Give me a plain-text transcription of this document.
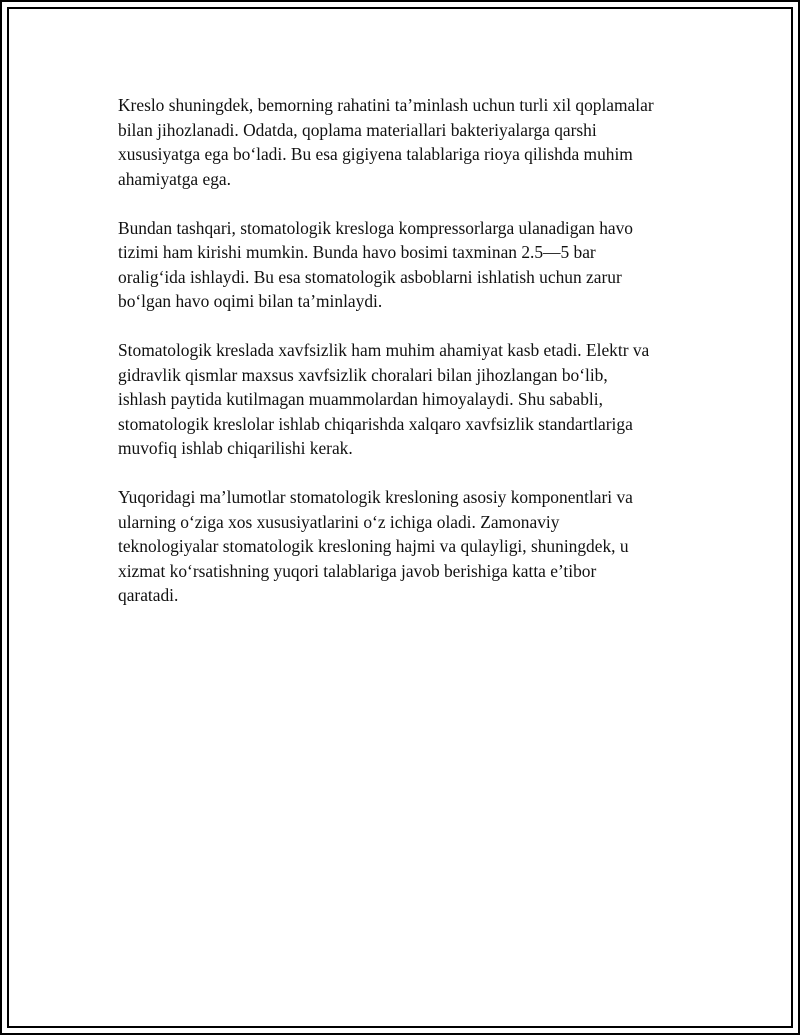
Kreslo shuningdek, bemorning rahatini ta’minlash uchun turli xil qoplamalar
bilan jihozlanadi. Odatda, qoplama materiallari bakteriyalarga qarshi
xususiyatga ega bo‘ladi. Bu esa gigiyena talablariga rioya qilishda muhim
ahamiyatga ega.

Bundan tashqari, stomatologik kresloga kompressorlarga ulanadigan havo
tizimi ham kirishi mumkin. Bunda havo bosimi taxminan 2.5—5 bar
oralig‘ida ishlaydi. Bu esa stomatologik asboblarni ishlatish uchun zarur
bo‘lgan havo oqimi bilan ta’minlaydi.

Stomatologik kreslada xavfsizlik ham muhim ahamiyat kasb etadi. Elektr va
gidravlik qismlar maxsus xavfsizlik choralari bilan jihozlangan bo‘lib,
ishlash paytida kutilmagan muammolardan himoyalaydi. Shu sababli,
stomatologik kreslolar ishlab chiqarishda xalqaro xavfsizlik standartlariga
muvofiq ishlab chiqarilishi kerak.

Yuqoridagi ma’lumotlar stomatologik kresloning asosiy komponentlari va
ularning o‘ziga xos xususiyatlarini o‘z ichiga oladi. Zamonaviy
teknologiyalar stomatologik kresloning hajmi va qulayligi, shuningdek, u
xizmat ko‘rsatishning yuqori talablariga javob berishiga katta e’tibor
qaratadi.
